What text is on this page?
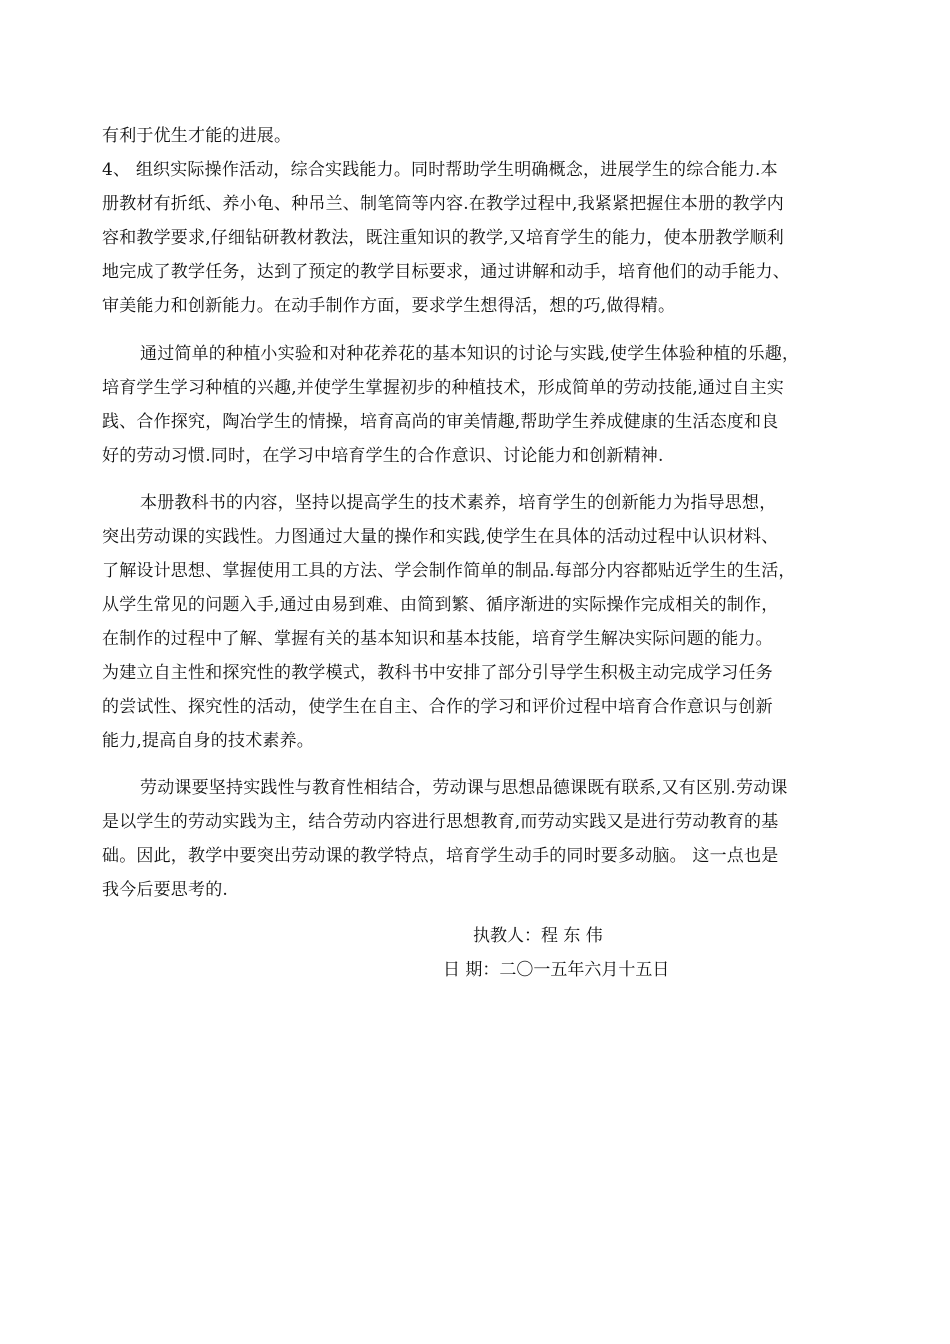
有利于优生才能的进展。
4、 组织实际操作活动，综合实践能力。同时帮助学生明确概念，进展学生的综合能力.本
册教材有折纸、养小龟、种吊兰、制笔筒等内容.在教学过程中,我紧紧把握住本册的教学内
容和教学要求,仔细钻研教材教法，既注重知识的教学,又培育学生的能力，使本册教学顺利
地完成了教学任务，达到了预定的教学目标要求，通过讲解和动手，培育他们的动手能力、
审美能力和创新能力。在动手制作方面，要求学生想得活，想的巧,做得精。
通过简单的种植小实验和对种花养花的基本知识的讨论与实践,使学生体验种植的乐趣，
培育学生学习种植的兴趣,并使学生掌握初步的种植技术，形成简单的劳动技能,通过自主实
践、合作探究，陶冶学生的情操，培育高尚的审美情趣,帮助学生养成健康的生活态度和良
好的劳动习惯.同时，在学习中培育学生的合作意识、讨论能力和创新精神.
本册教科书的内容，坚持以提高学生的技术素养，培育学生的创新能力为指导思想，
突出劳动课的实践性。力图通过大量的操作和实践,使学生在具体的活动过程中认识材料、
了解设计思想、掌握使用工具的方法、学会制作简单的制品.每部分内容都贴近学生的生活，
从学生常见的问题入手,通过由易到难、由简到繁、循序渐进的实际操作完成相关的制作，
在制作的过程中了解、掌握有关的基本知识和基本技能，培育学生解决实际问题的能力。
为建立自主性和探究性的教学模式，教科书中安排了部分引导学生积极主动完成学习任务
的尝试性、探究性的活动，使学生在自主、合作的学习和评价过程中培育合作意识与创新
能力,提高自身的技术素养。
劳动课要坚持实践性与教育性相结合，劳动课与思想品德课既有联系,又有区别.劳动课
是以学生的劳动实践为主，结合劳动内容进行思想教育,而劳动实践又是进行劳动教育的基
础。因此，教学中要突出劳动课的教学特点，培育学生动手的同时要多动脑。 这一点也是
我今后要思考的.
执教人：程 东 伟
日 期：二〇一五年六月十五日
